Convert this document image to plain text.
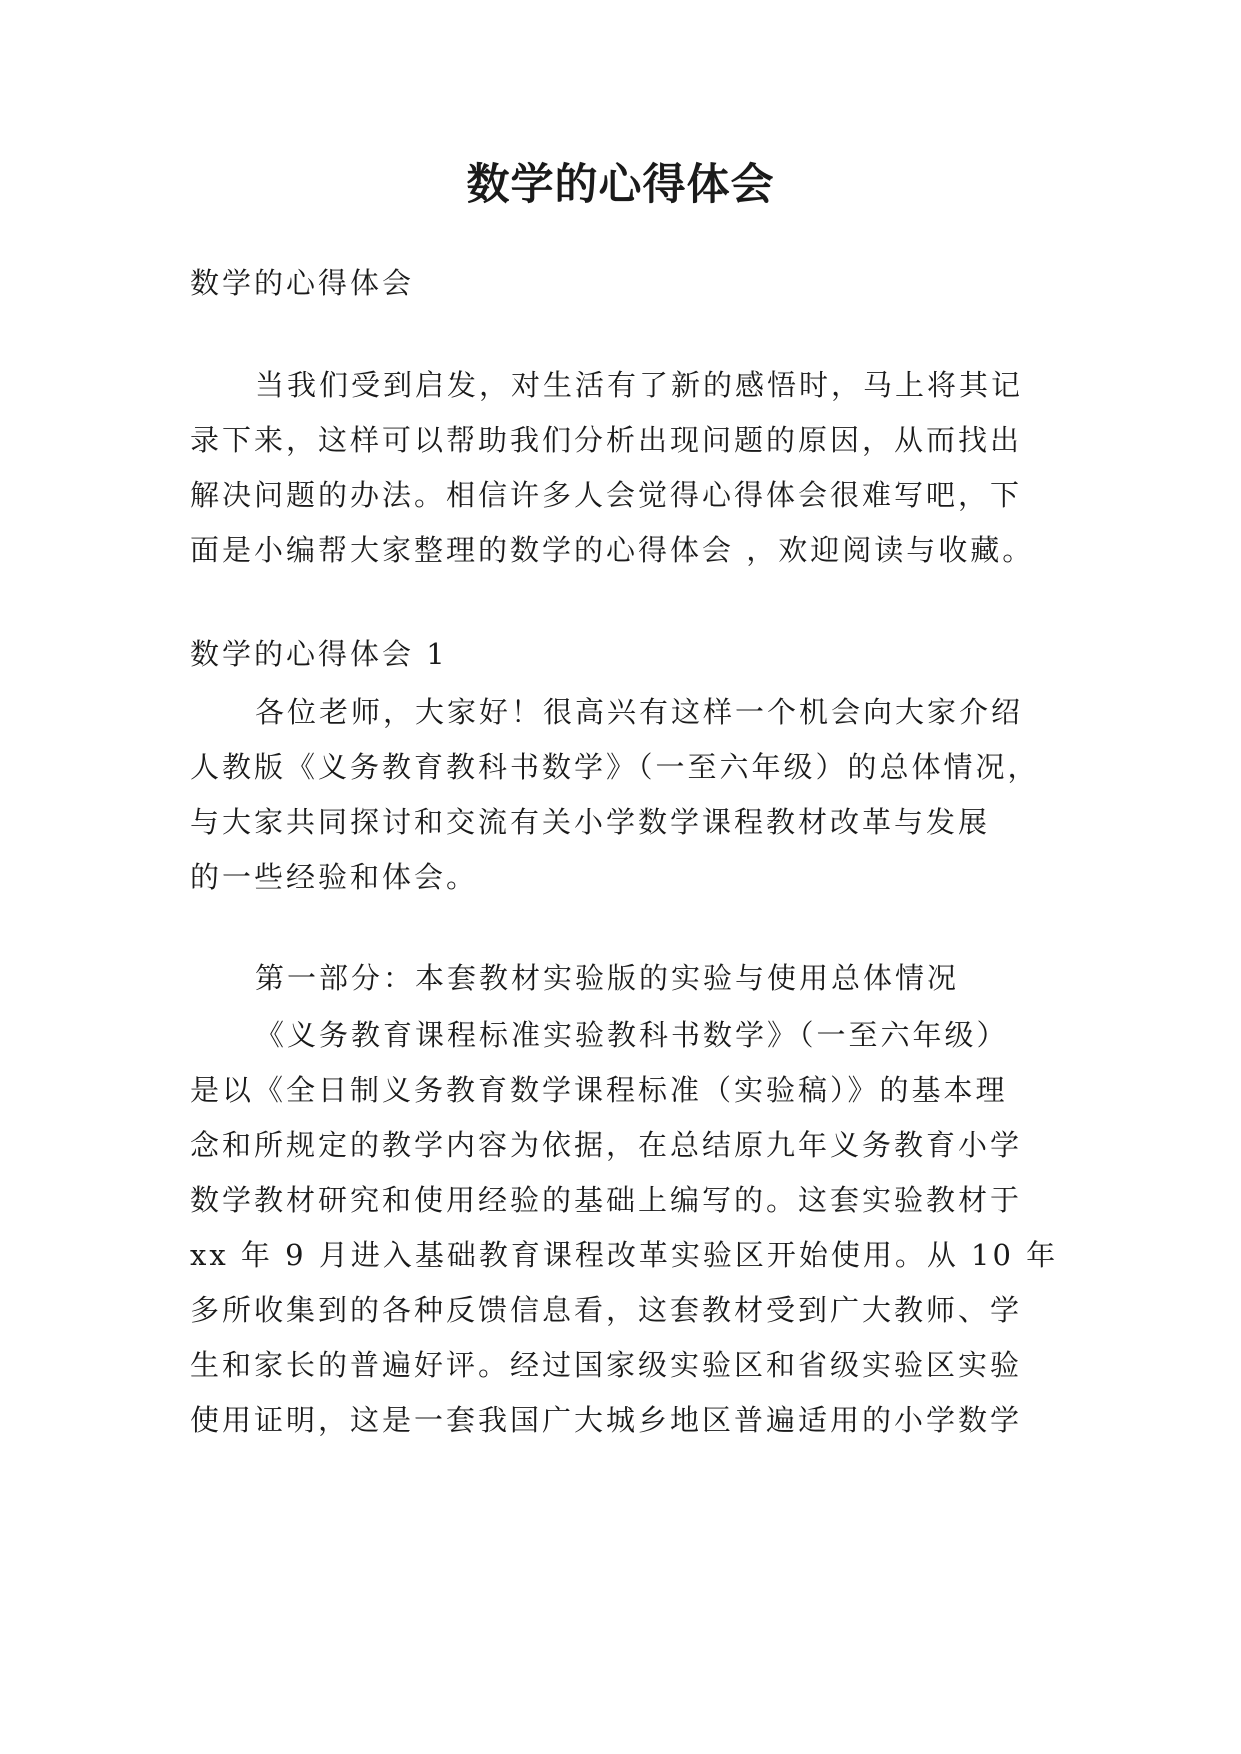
数学的心得体会
数学的心得体会
当我们受到启发，对生活有了新的感悟时，马上将其记
录下来，这样可以帮助我们分析出现问题的原因，从而找出
解决问题的办法。相信许多人会觉得心得体会很难写吧，下
面是小编帮大家整理的数学的心得体会 ，欢迎阅读与收藏。
数学的心得体会 1
各位老师，大家好！很高兴有这样一个机会向大家介绍
人教版《义务教育教科书数学》（一至六年级）的总体情况，
与大家共同探讨和交流有关小学数学课程教材改革与发展
的一些经验和体会。
第一部分：本套教材实验版的实验与使用总体情况
《义务教育课程标准实验教科书数学》（一至六年级）
是以《全日制义务教育数学课程标准（实验稿）》的基本理
念和所规定的教学内容为依据，在总结原九年义务教育小学
数学教材研究和使用经验的基础上编写的。这套实验教材于
xx 年 9 月进入基础教育课程改革实验区开始使用。从 10 年
多所收集到的各种反馈信息看，这套教材受到广大教师、学
生和家长的普遍好评。经过国家级实验区和省级实验区实验
使用证明，这是一套我国广大城乡地区普遍适用的小学数学
